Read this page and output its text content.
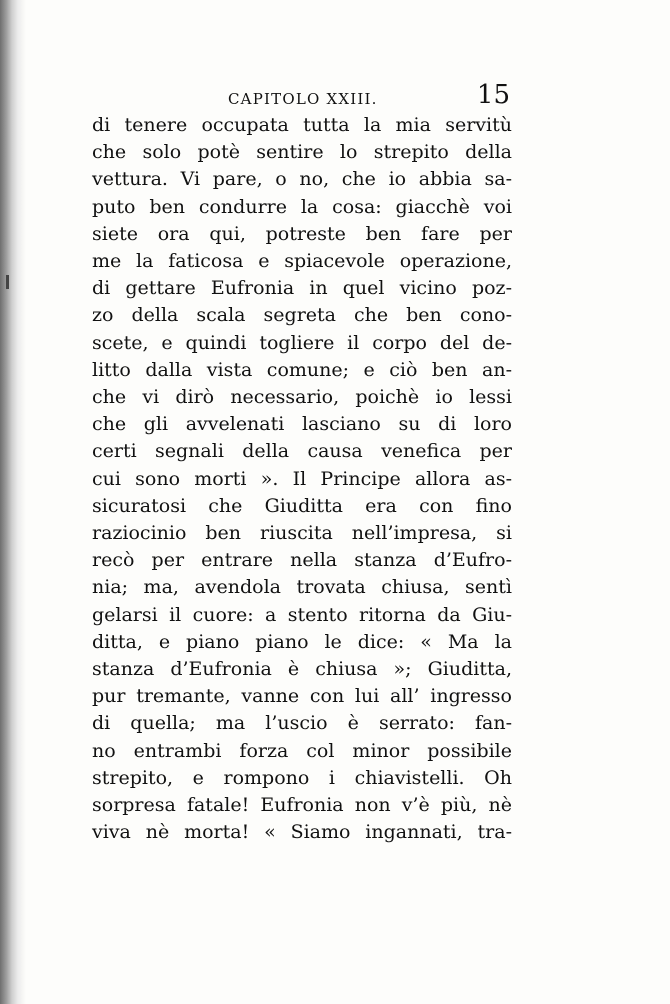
CAPITOLO XXIII.	15
di tenere occupata tutta la mia servitù
che solo potè sentire lo strepito della
vettura. Vi pare, o no, che io abbia sa-
puto ben condurre la cosa: giacchè voi
siete ora qui, potreste ben fare per
me la faticosa e spiacevole operazione,
di gettare Eufronia in quel vicino poz-
zo della scala segreta che ben cono-
scete, e quindi togliere il corpo del de-
litto dalla vista comune; e ciò ben an-
che vi dirò necessario, poichè io lessi
che gli avvelenati lasciano su di loro
certi segnali della causa venefica per
cui sono morti ». Il Principe allora as-
sicuratosi che Giuditta era con fino
raziocinio ben riuscita nell’impresa, si
recò per entrare nella stanza d’Eufro-
nia; ma, avendola trovata chiusa, sentì
gelarsi il cuore: a stento ritorna da Giu-
ditta, e piano piano le dice: « Ma la
stanza d’Eufronia è chiusa »; Giuditta,
pur tremante, vanne con lui all’ ingresso
di quella; ma l’uscio è serrato: fan-
no entrambi forza col minor possibile
strepito, e rompono i chiavistelli. Oh
sorpresa fatale! Eufronia non v’è più, nè
viva nè morta! « Siamo ingannati, tra-
